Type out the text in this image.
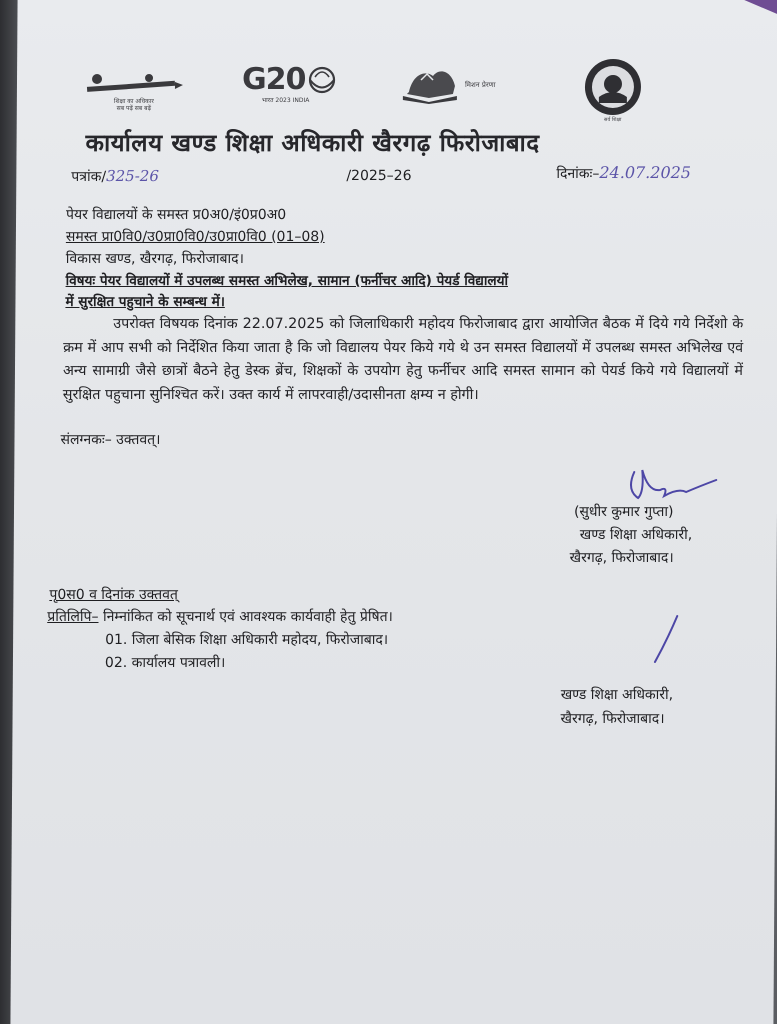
शिक्षा का अधिकार
सब पढ़ें सब बढ़ें
G20
भारत 2023 INDIA
मिशन प्रेरणा
सर्व शिक्षा
कार्यालय खण्ड शिक्षा अधिकारी खैरगढ़ फिरोजाबाद
पत्रांक/325-26	/2025–26	दिनांकः–24.07.2025
पेयर विद्यालयों के समस्त प्र0अ0/इं0प्र0अ0
समस्त प्रा0वि0/उ0प्रा0वि0/उ0प्रा0वि0 (01–08)
विकास खण्ड, खैरगढ़, फिरोजाबाद।
विषयः पेयर विद्यालयों में उपलब्ध समस्त अभिलेख, सामान (फर्नीचर आदि) पेयर्ड विद्यालयों
में सुरक्षित पहुचाने के सम्बन्ध में।
उपरोक्त विषयक दिनांक 22.07.2025 को जिलाधिकारी महोदय फिरोजाबाद द्वारा आयोजित बैठक में दिये गये निर्देशो के क्रम में आप सभी को निर्देशित किया जाता है कि जो विद्यालय पेयर किये गये थे उन समस्त विद्यालयों में उपलब्ध समस्त अभिलेख एवं अन्य सामाग्री जैसे छात्रों बैठने हेतु डेस्क ब्रेंच, शिक्षकों के उपयोग हेतु फर्नीचर आदि समस्त सामान को पेयर्ड किये गये विद्यालयों में सुरक्षित पहुचाना सुनिश्चित करें। उक्त कार्य में लापरवाही/उदासीनता क्षम्य न होगी।
संलग्नकः– उक्तवत्।
(सुधीर कुमार गुप्ता)
खण्ड शिक्षा अधिकारी,
खैरगढ़, फिरोजाबाद।
पृ0स0 व दिनांक उक्तवत्
प्रतिलिपि– निम्नांकित को सूचनार्थ एवं आवश्यक कार्यवाही हेतु प्रेषित।
01. जिला बेसिक शिक्षा अधिकारी महोदय, फिरोजाबाद।
02. कार्यालय पत्रावली।
खण्ड शिक्षा अधिकारी,
खैरगढ़, फिरोजाबाद।
